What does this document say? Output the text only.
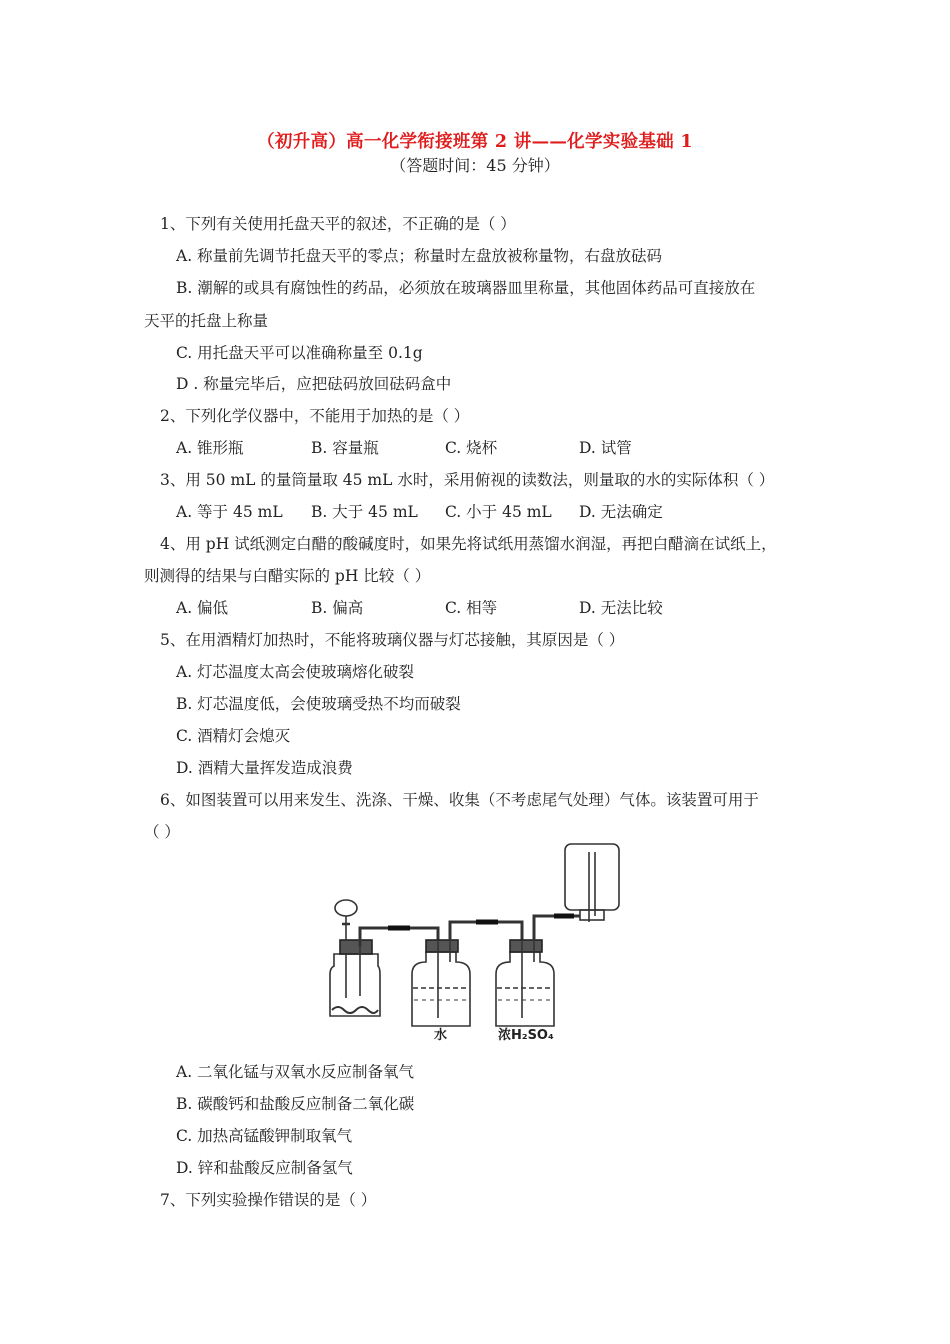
（初升高）高一化学衔接班第 2 讲——化学实验基础 1
（答题时间：45 分钟）
1、下列有关使用托盘天平的叙述，不正确的是（ ）
A. 称量前先调节托盘天平的零点；称量时左盘放被称量物，右盘放砝码
B. 潮解的或具有腐蚀性的药品，必须放在玻璃器皿里称量，其他固体药品可直接放在
天平的托盘上称量
C. 用托盘天平可以准确称量至 0.1g
D . 称量完毕后，应把砝码放回砝码盒中
2、下列化学仪器中，不能用于加热的是（ ）
A. 锥形瓶	B. 容量瓶	C. 烧杯	D. 试管
3、用 50 mL 的量筒量取 45 mL 水时，采用俯视的读数法，则量取的水的实际体积（ ）
A. 等于 45 mL B. 大于 45 mL C. 小于 45 mL D. 无法确定
4、用 pH 试纸测定白醋的酸碱度时，如果先将试纸用蒸馏水润湿，再把白醋滴在试纸上，
则测得的结果与白醋实际的 pH 比较（ ）
A. 偏低	B. 偏高	C. 相等	D. 无法比较
5、在用酒精灯加热时，不能将玻璃仪器与灯芯接触，其原因是（ ）
A. 灯芯温度太高会使玻璃熔化破裂
B. 灯芯温度低，会使玻璃受热不均而破裂
C. 酒精灯会熄灭
D. 酒精大量挥发造成浪费
6、如图装置可以用来发生、洗涤、干燥、收集（不考虑尾气处理）气体。该装置可用于
（ ）
水	浓H₂SO₄
A. 二氧化锰与双氧水反应制备氧气
B. 碳酸钙和盐酸反应制备二氧化碳
C. 加热高锰酸钾制取氧气
D. 锌和盐酸反应制备氢气
7、下列实验操作错误的是（ ）
